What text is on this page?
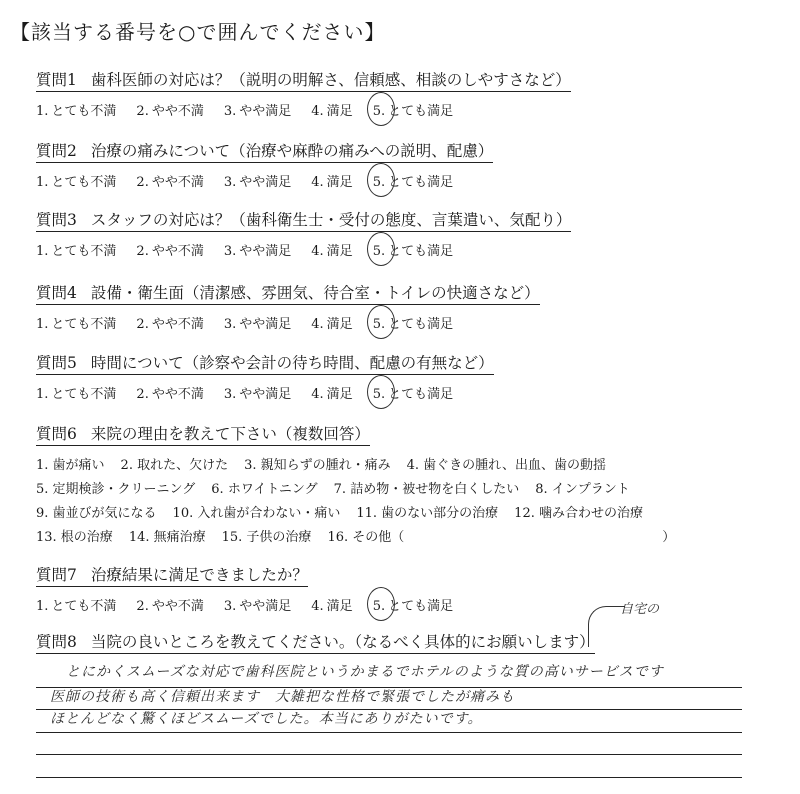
【該当する番号を○で囲んでください】
質問1 歯科医師の対応は？（説明の明解さ、信頼感、相談のしやすさなど）
1. とても不満 2. やや不満 3. やや満足 4. 満足 5. とても満足
質問2 治療の痛みについて（治療や麻酔の痛みへの説明、配慮）
1. とても不満 2. やや不満 3. やや満足 4. 満足 5. とても満足
質問3 スタッフの対応は？（歯科衛生士・受付の態度、言葉遣い、気配り）
1. とても不満 2. やや不満 3. やや満足 4. 満足 5. とても満足
質問4 設備・衛生面（清潔感、雰囲気、待合室・トイレの快適さなど）
1. とても不満 2. やや不満 3. やや満足 4. 満足 5. とても満足
質問5 時間について（診察や会計の待ち時間、配慮の有無など）
1. とても不満 2. やや不満 3. やや満足 4. 満足 5. とても満足
質問6 来院の理由を教えて下さい（複数回答）
1. 歯が痛い 2. 取れた、欠けた 3. 親知らずの腫れ・痛み 4. 歯ぐきの腫れ、出血、歯の動揺
5. 定期検診・クリーニング 6. ホワイトニング 7. 詰め物・被せ物を白くしたい 8. インプラント
9. 歯並びが気になる 10. 入れ歯が合わない・痛い 11. 歯のない部分の治療 12. 噛み合わせの治療
13. 根の治療 14. 無痛治療 15. 子供の治療 16. その他（	）
質問7 治療結果に満足できましたか？
1. とても不満 2. やや不満 3. やや満足 4. 満足 5. とても満足
質問8 当院の良いところを教えてください。（なるべく具体的にお願いします）
自宅の
とにかくスムーズな対応で歯科医院というかまるでホテルのような質の高いサービスです
医師の技術も高く信頼出来ます　大雑把な性格で緊張でしたが痛みも
ほとんどなく驚くほどスムーズでした。本当にありがたいです。
